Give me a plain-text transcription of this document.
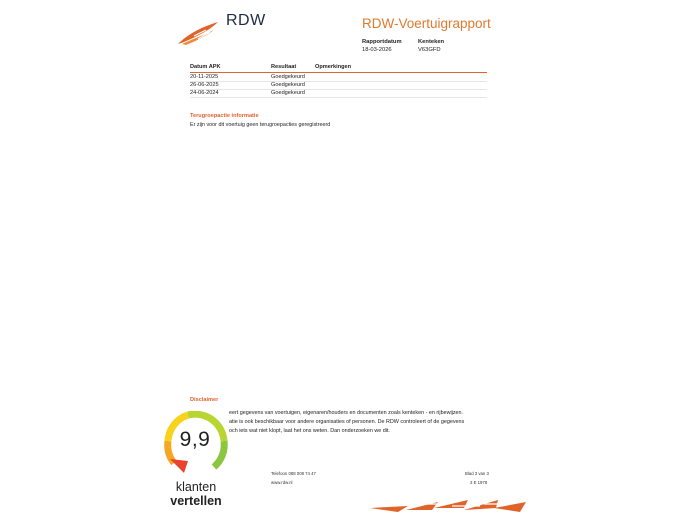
RDW	RDW-Voertuigrapport
Rapportdatum
18-03-2026
Kenteken
V63GFD
Datum APK	Resultaat	Opmerkingen
20-11-2025	Goedgekeurd
26-06-2025	Goedgekeurd
24-06-2024	Goedgekeurd
Terugroepactie informatie
Er zijn voor dit voertuig geen terugroepacties geregistreerd
Disclaimer
eert gegevens van voertuigen, eigenaren/houders en documenten zoals kenteken - en rijbewijzen.
atie is ook beschikbaar voor andere organisaties of personen. De RDW controleert of de gegevens
och iets wat niet klopt, laat het ons weten. Dan onderzoeken we dit.
Telefoon 088 008 74 47
www.rdw.nl
Blad 3 van 3
3 E 1978
9,9
klanten
vertellen
